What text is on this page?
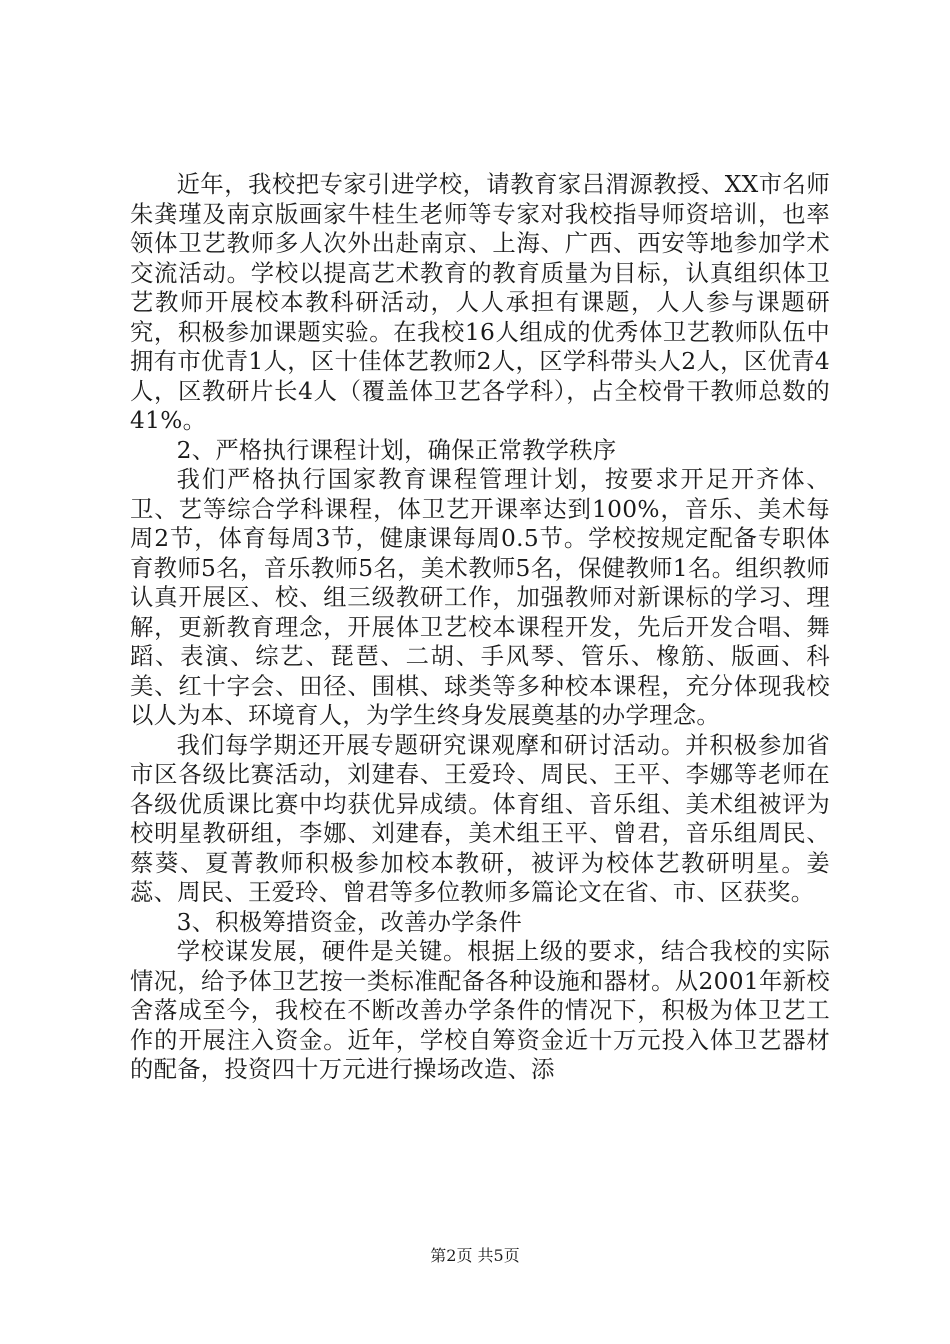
近年，我校把专家引进学校，请教育家吕渭源教授、XX市名师朱龚瑾及南京版画家牛桂生老师等专家对我校指导师资培训，也率领体卫艺教师多人次外出赴南京、上海、广西、西安等地参加学术交流活动。学校以提高艺术教育的教育质量为目标，认真组织体卫艺教师开展校本教科研活动，人人承担有课题，人人参与课题研究，积极参加课题实验。在我校16人组成的优秀体卫艺教师队伍中拥有市优青1人，区十佳体艺教师2人，区学科带头人2人，区优青4人，区教研片长4人（覆盖体卫艺各学科），占全校骨干教师总数的41%。

2、严格执行课程计划，确保正常教学秩序

我们严格执行国家教育课程管理计划，按要求开足开齐体、卫、艺等综合学科课程，体卫艺开课率达到100%，音乐、美术每周2节，体育每周3节，健康课每周0.5节。学校按规定配备专职体育教师5名，音乐教师5名，美术教师5名，保健教师1名。组织教师认真开展区、校、组三级教研工作，加强教师对新课标的学习、理解，更新教育理念，开展体卫艺校本课程开发，先后开发合唱、舞蹈、表演、综艺、琵琶、二胡、手风琴、管乐、橡筋、版画、科美、红十字会、田径、围棋、球类等多种校本课程，充分体现我校以人为本、环境育人，为学生终身发展奠基的办学理念。

我们每学期还开展专题研究课观摩和研讨活动。并积极参加省市区各级比赛活动，刘建春、王爱玲、周民、王平、李娜等老师在各级优质课比赛中均获优异成绩。体育组、音乐组、美术组被评为校明星教研组，李娜、刘建春，美术组王平、曾君，音乐组周民、蔡葵、夏菁教师积极参加校本教研，被评为校体艺教研明星。姜蕊、周民、王爱玲、曾君等多位教师多篇论文在省、市、区获奖。

3、积极筹措资金，改善办学条件

学校谋发展，硬件是关键。根据上级的要求，结合我校的实际情况，给予体卫艺按一类标准配备各种设施和器材。从2001年新校舍落成至今，我校在不断改善办学条件的情况下，积极为体卫艺工作的开展注入资金。近年，学校自筹资金近十万元投入体卫艺器材的配备，投资四十万元进行操场改造、添

第2页 共5页
